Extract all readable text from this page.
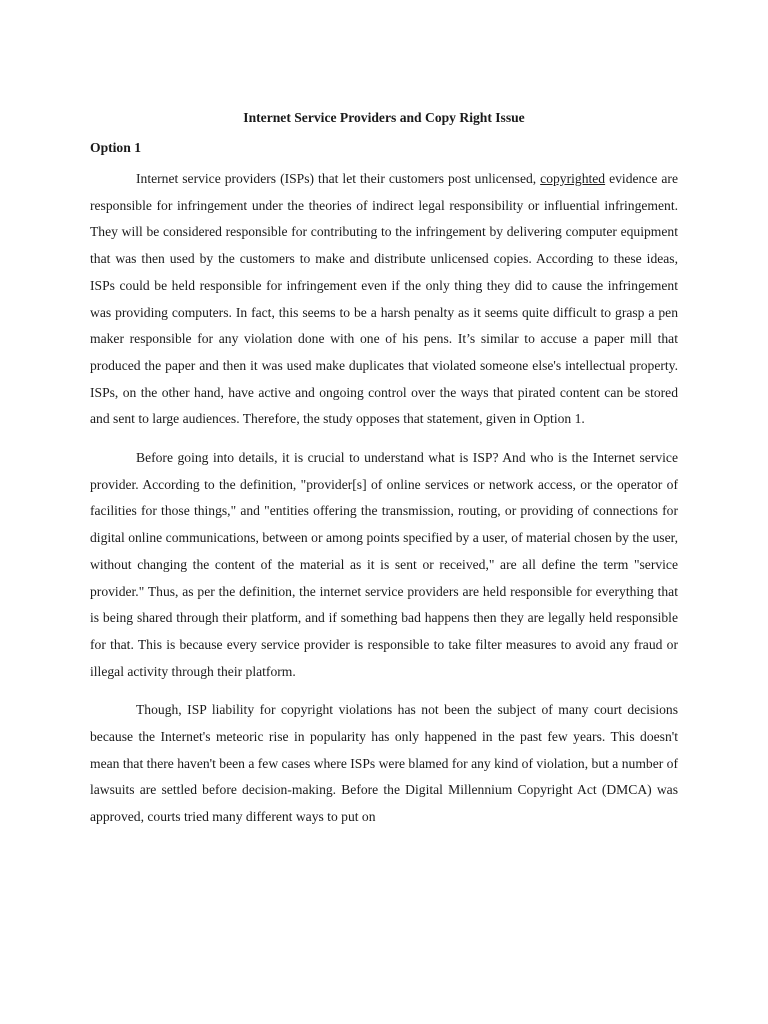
Internet Service Providers and Copy Right Issue
Option 1

Internet service providers (ISPs) that let their customers post unlicensed, copyrighted evidence are responsible for infringement under the theories of indirect legal responsibility or influential infringement. They will be considered responsible for contributing to the infringement by delivering computer equipment that was then used by the customers to make and distribute unlicensed copies. According to these ideas, ISPs could be held responsible for infringement even if the only thing they did to cause the infringement was providing computers. In fact, this seems to be a harsh penalty as it seems quite difficult to grasp a pen maker responsible for any violation done with one of his pens. It’s similar to accuse a paper mill that produced the paper and then it was used make duplicates that violated someone else's intellectual property. ISPs, on the other hand, have active and ongoing control over the ways that pirated content can be stored and sent to large audiences. Therefore, the study opposes that statement, given in Option 1.

Before going into details, it is crucial to understand what is ISP? And who is the Internet service provider. According to the definition, "provider[s] of online services or network access, or the operator of facilities for those things," and "entities offering the transmission, routing, or providing of connections for digital online communications, between or among points specified by a user, of material chosen by the user, without changing the content of the material as it is sent or received," are all define the term "service provider." Thus, as per the definition, the internet service providers are held responsible for everything that is being shared through their platform, and if something bad happens then they are legally held responsible for that. This is because every service provider is responsible to take filter measures to avoid any fraud or illegal activity through their platform.

Though, ISP liability for copyright violations has not been the subject of many court decisions because the Internet's meteoric rise in popularity has only happened in the past few years. This doesn't mean that there haven't been a few cases where ISPs were blamed for any kind of violation, but a number of lawsuits are settled before decision-making. Before the Digital Millennium Copyright Act (DMCA) was approved, courts tried many different ways to put on
